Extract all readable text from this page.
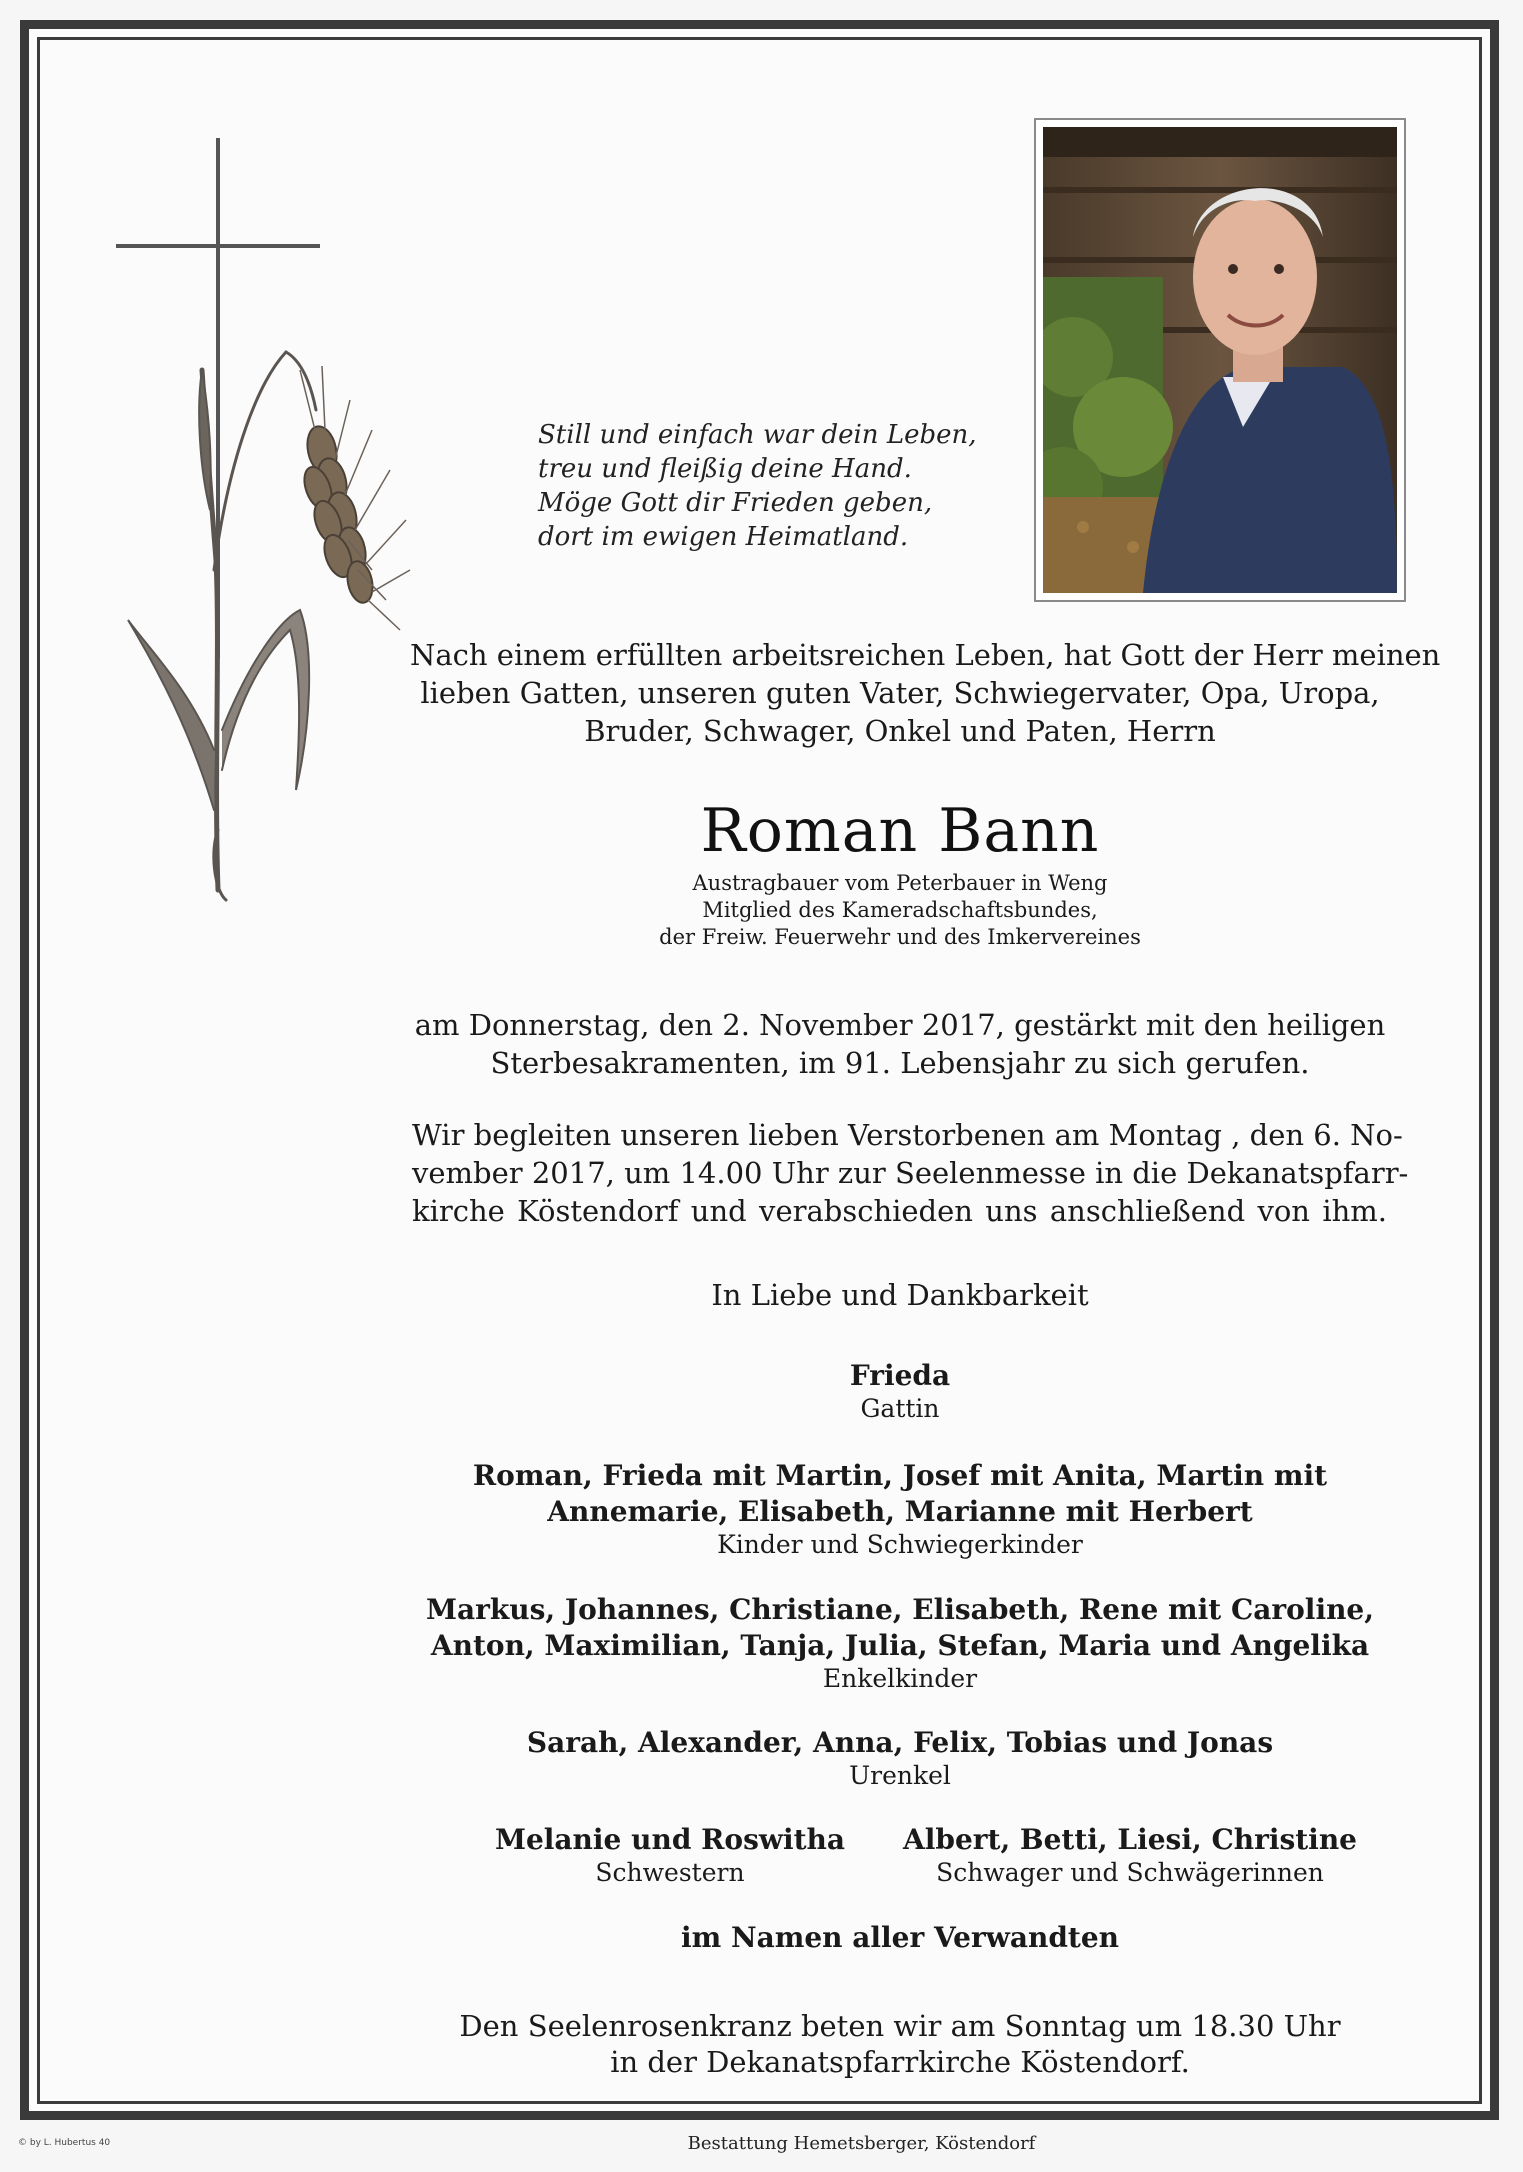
Still und einfach war dein Leben,
treu und fleißig deine Hand.
Möge Gott dir Frieden geben,
dort im ewigen Heimatland.
Nach einem erfüllten arbeitsreichen Leben, hat Gott der Herr meinen
lieben Gatten, unseren guten Vater, Schwiegervater, Opa, Uropa,
Bruder, Schwager, Onkel und Paten, Herrn
Roman Bann
Austragbauer vom Peterbauer in Weng
Mitglied des Kameradschaftsbundes,
der Freiw. Feuerwehr und des Imkervereines
am Donnerstag, den 2. November 2017, gestärkt mit den heiligen
Sterbesakramenten, im 91. Lebensjahr zu sich gerufen.
Wir begleiten unseren lieben Verstorbenen am Montag , den 6. No-
vember 2017, um 14.00 Uhr zur Seelenmesse in die Dekanatspfarr-
kirche Köstendorf und verabschieden uns anschließend von ihm.
In Liebe und Dankbarkeit
Frieda
Gattin
Roman, Frieda mit Martin, Josef mit Anita, Martin mit
Annemarie, Elisabeth, Marianne mit Herbert
Kinder und Schwiegerkinder
Markus, Johannes, Christiane, Elisabeth, Rene mit Caroline,
Anton, Maximilian, Tanja, Julia, Stefan, Maria und Angelika
Enkelkinder
Sarah, Alexander, Anna, Felix, Tobias und Jonas
Urenkel
Melanie und Roswitha
Schwestern
Albert, Betti, Liesi, Christine
Schwager und Schwägerinnen
im Namen aller Verwandten
Den Seelenrosenkranz beten wir am Sonntag um 18.30 Uhr
in der Dekanatspfarrkirche Köstendorf.
© by L. Hubertus 40	Bestattung Hemetsberger, Köstendorf
